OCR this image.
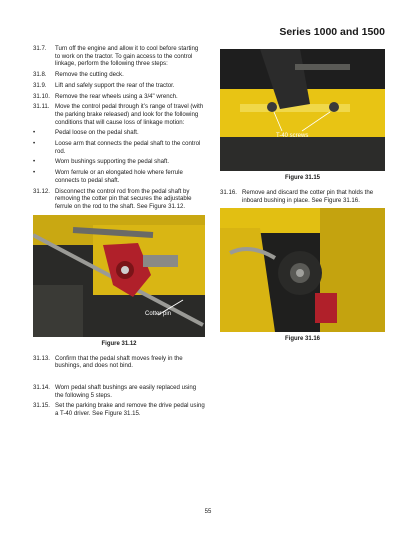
Series 1000 and 1500
31.7.	Turn off the engine and allow it to cool before starting to work on the tractor. To gain access to the control linkage, perform the following three steps:
31.8.	Remove the cutting deck.
31.9.	Lift and safely support the rear of the tractor.
31.10. Remove the rear wheels using a 3/4" wrench.
31.11. Move the control pedal through it’s range of travel (with the parking brake released) and look for the following conditions that will cause loss of linkage motion:
•	Pedal loose on the pedal shaft.
•	Loose arm that connects the pedal shaft to the control rod.
•	Worn bushings supporting the pedal shaft.
•	Worn ferrule or an elongated hole where ferrule connects to pedal shaft.
31.12. Disconnect the control rod from the pedal shaft by removing the cotter pin that secures the adjustable ferrule on the rod to the shaft. See Figure 31.12.
Cotter pin
Figure 31.12
31.13. Confirm that the pedal shaft moves freely in the bushings, and does not bind.
31.14. Worn pedal shaft bushings are easily replaced using the following 5 steps.
31.15. Set the parking brake and remove the drive pedal using a T-40 driver. See Figure 31.15.
T-40 screws
Figure 31.15
31.16. Remove and discard the cotter pin that holds the inboard bushing in place. See Figure 31.16.
Figure 31.16
55
